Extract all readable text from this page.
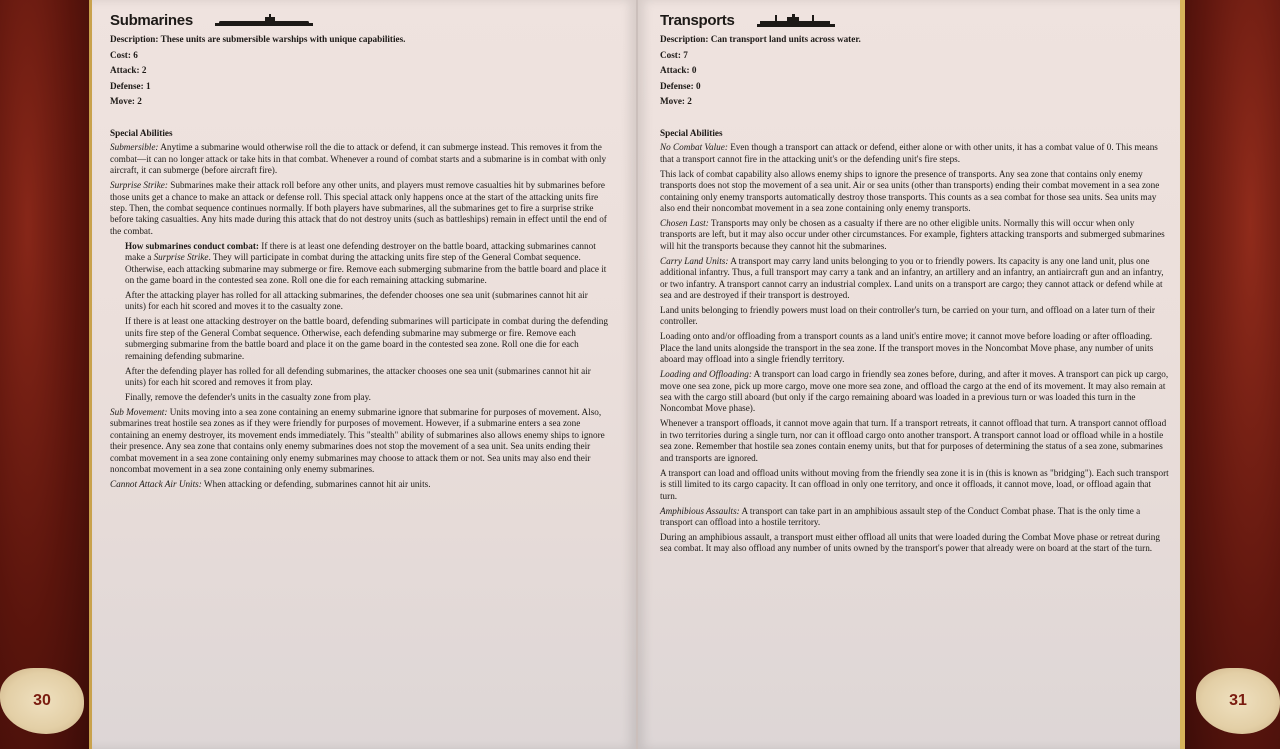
Submarines
Description: These units are submersible warships with unique capabilities.
Cost: 6
Attack: 2
Defense: 1
Move: 2
Special Abilities

Submersible: Anytime a submarine would otherwise roll the die to attack or defend, it can submerge instead. This removes it from the combat—it can no longer attack or take hits in that combat. Whenever a round of combat starts and a submarine is in combat with only aircraft, it can submerge (before aircraft fire).

Surprise Strike: Submarines make their attack roll before any other units, and players must remove casualties hit by submarines before those units get a chance to make an attack or defense roll. This special attack only happens once at the start of the attacking units fire step. Then, the combat sequence continues normally. If both players have submarines, all the submarines get to fire a surprise strike before taking casualties. Any hits made during this attack that do not destroy units (such as battleships) remain in effect until the end of the combat.

How submarines conduct combat: If there is at least one defending destroyer on the battle board, attacking submarines cannot make a Surprise Strike. They will participate in combat during the attacking units fire step of the General Combat sequence. Otherwise, each attacking submarine may submerge or fire. Remove each submerging submarine from the battle board and place it on the game board in the contested sea zone. Roll one die for each remaining attacking submarine.

After the attacking player has rolled for all attacking submarines, the defender chooses one sea unit (submarines cannot hit air units) for each hit scored and moves it to the casualty zone.

If there is at least one attacking destroyer on the battle board, defending submarines will participate in combat during the defending units fire step of the General Combat sequence. Otherwise, each defending submarine may submerge or fire. Remove each submerging submarine from the battle board and place it on the game board in the contested sea zone. Roll one die for each remaining defending submarine.

After the defending player has rolled for all defending submarines, the attacker chooses one sea unit (submarines cannot hit air units) for each hit scored and removes it from play.

Finally, remove the defender's units in the casualty zone from play.

Sub Movement: Units moving into a sea zone containing an enemy submarine ignore that submarine for purposes of movement. Also, submarines treat hostile sea zones as if they were friendly for purposes of movement. However, if a submarine enters a sea zone containing an enemy destroyer, its movement ends immediately. This "stealth" ability of submarines also allows enemy ships to ignore their presence. Any sea zone that contains only enemy submarines does not stop the movement of a sea unit. Sea units ending their combat movement in a sea zone containing only enemy submarines may choose to attack them or not. Sea units may also end their noncombat movement in a sea zone containing only enemy submarines.

Cannot Attack Air Units: When attacking or defending, submarines cannot hit air units.

Transports
Description: Can transport land units across water.
Cost: 7
Attack: 0
Defense: 0
Move: 2
Special Abilities

No Combat Value: Even though a transport can attack or defend, either alone or with other units, it has a combat value of 0. This means that a transport cannot fire in the attacking unit's or the defending unit's fire steps.

This lack of combat capability also allows enemy ships to ignore the presence of transports. Any sea zone that contains only enemy transports does not stop the movement of a sea unit. Air or sea units (other than transports) ending their combat movement in a sea zone containing only enemy transports automatically destroy those transports. This counts as a sea combat for those sea units. Sea units may also end their noncombat movement in a sea zone containing only enemy transports.

Chosen Last: Transports may only be chosen as a casualty if there are no other eligible units. Normally this will occur when only transports are left, but it may also occur under other circumstances. For example, fighters attacking transports and submerged submarines will hit the transports because they cannot hit the submarines.

Carry Land Units: A transport may carry land units belonging to you or to friendly powers. Its capacity is any one land unit, plus one additional infantry. Thus, a full transport may carry a tank and an infantry, an artillery and an infantry, an antiaircraft gun and an infantry, or two infantry. A transport cannot carry an industrial complex. Land units on a transport are cargo; they cannot attack or defend while at sea and are destroyed if their transport is destroyed.

Land units belonging to friendly powers must load on their controller's turn, be carried on your turn, and offload on a later turn of their controller.

Loading onto and/or offloading from a transport counts as a land unit's entire move; it cannot move before loading or after offloading. Place the land units alongside the transport in the sea zone. If the transport moves in the Noncombat Move phase, any number of units aboard may offload into a single friendly territory.

Loading and Offloading: A transport can load cargo in friendly sea zones before, during, and after it moves. A transport can pick up cargo, move one sea zone, pick up more cargo, move one more sea zone, and offload the cargo at the end of its movement. It may also remain at sea with the cargo still aboard (but only if the cargo remaining aboard was loaded in a previous turn or was loaded this turn in the Noncombat Move phase).

Whenever a transport offloads, it cannot move again that turn. If a transport retreats, it cannot offload that turn. A transport cannot offload in two territories during a single turn, nor can it offload cargo onto another transport. A transport cannot load or offload while in a hostile sea zone. Remember that hostile sea zones contain enemy units, but that for purposes of determining the status of a sea zone, submarines and transports are ignored.

A transport can load and offload units without moving from the friendly sea zone it is in (this is known as "bridging"). Each such transport is still limited to its cargo capacity. It can offload in only one territory, and once it offloads, it cannot move, load, or offload again that turn.

Amphibious Assaults: A transport can take part in an amphibious assault step of the Conduct Combat phase. That is the only time a transport can offload into a hostile territory.

During an amphibious assault, a transport must either offload all units that were loaded during the Combat Move phase or retreat during sea combat. It may also offload any number of units owned by the transport's power that already were on board at the start of the turn.

30	31
